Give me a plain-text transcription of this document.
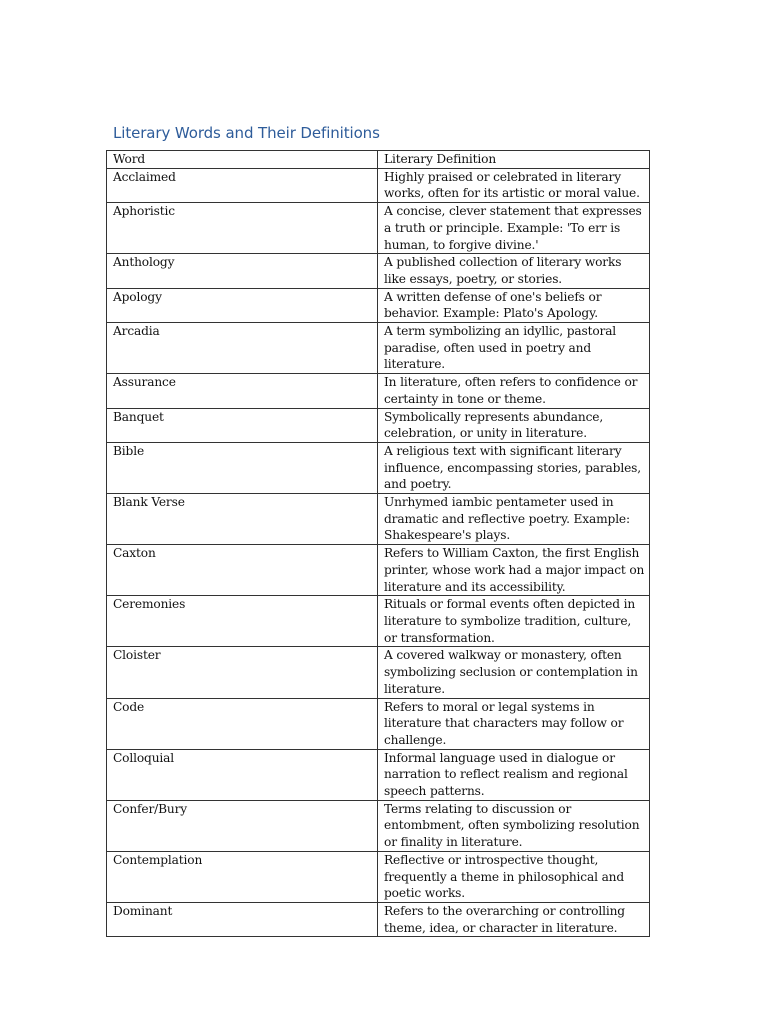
Literary Words and Their Definitions
Word	Literary Definition
Acclaimed	Highly praised or celebrated in literary works, often for its artistic or moral value.
Aphoristic	A concise, clever statement that expresses a truth or principle. Example: 'To err is human, to forgive divine.'
Anthology	A published collection of literary works like essays, poetry, or stories.
Apology	A written defense of one's beliefs or behavior. Example: Plato's Apology.
Arcadia	A term symbolizing an idyllic, pastoral paradise, often used in poetry and literature.
Assurance	In literature, often refers to confidence or certainty in tone or theme.
Banquet	Symbolically represents abundance, celebration, or unity in literature.
Bible	A religious text with significant literary influence, encompassing stories, parables, and poetry.
Blank Verse	Unrhymed iambic pentameter used in dramatic and reflective poetry. Example: Shakespeare's plays.
Caxton	Refers to William Caxton, the first English printer, whose work had a major impact on literature and its accessibility.
Ceremonies	Rituals or formal events often depicted in literature to symbolize tradition, culture, or transformation.
Cloister	A covered walkway or monastery, often symbolizing seclusion or contemplation in literature.
Code	Refers to moral or legal systems in literature that characters may follow or challenge.
Colloquial	Informal language used in dialogue or narration to reflect realism and regional speech patterns.
Confer/Bury	Terms relating to discussion or entombment, often symbolizing resolution or finality in literature.
Contemplation	Reflective or introspective thought, frequently a theme in philosophical and poetic works.
Dominant	Refers to the overarching or controlling theme, idea, or character in literature.
